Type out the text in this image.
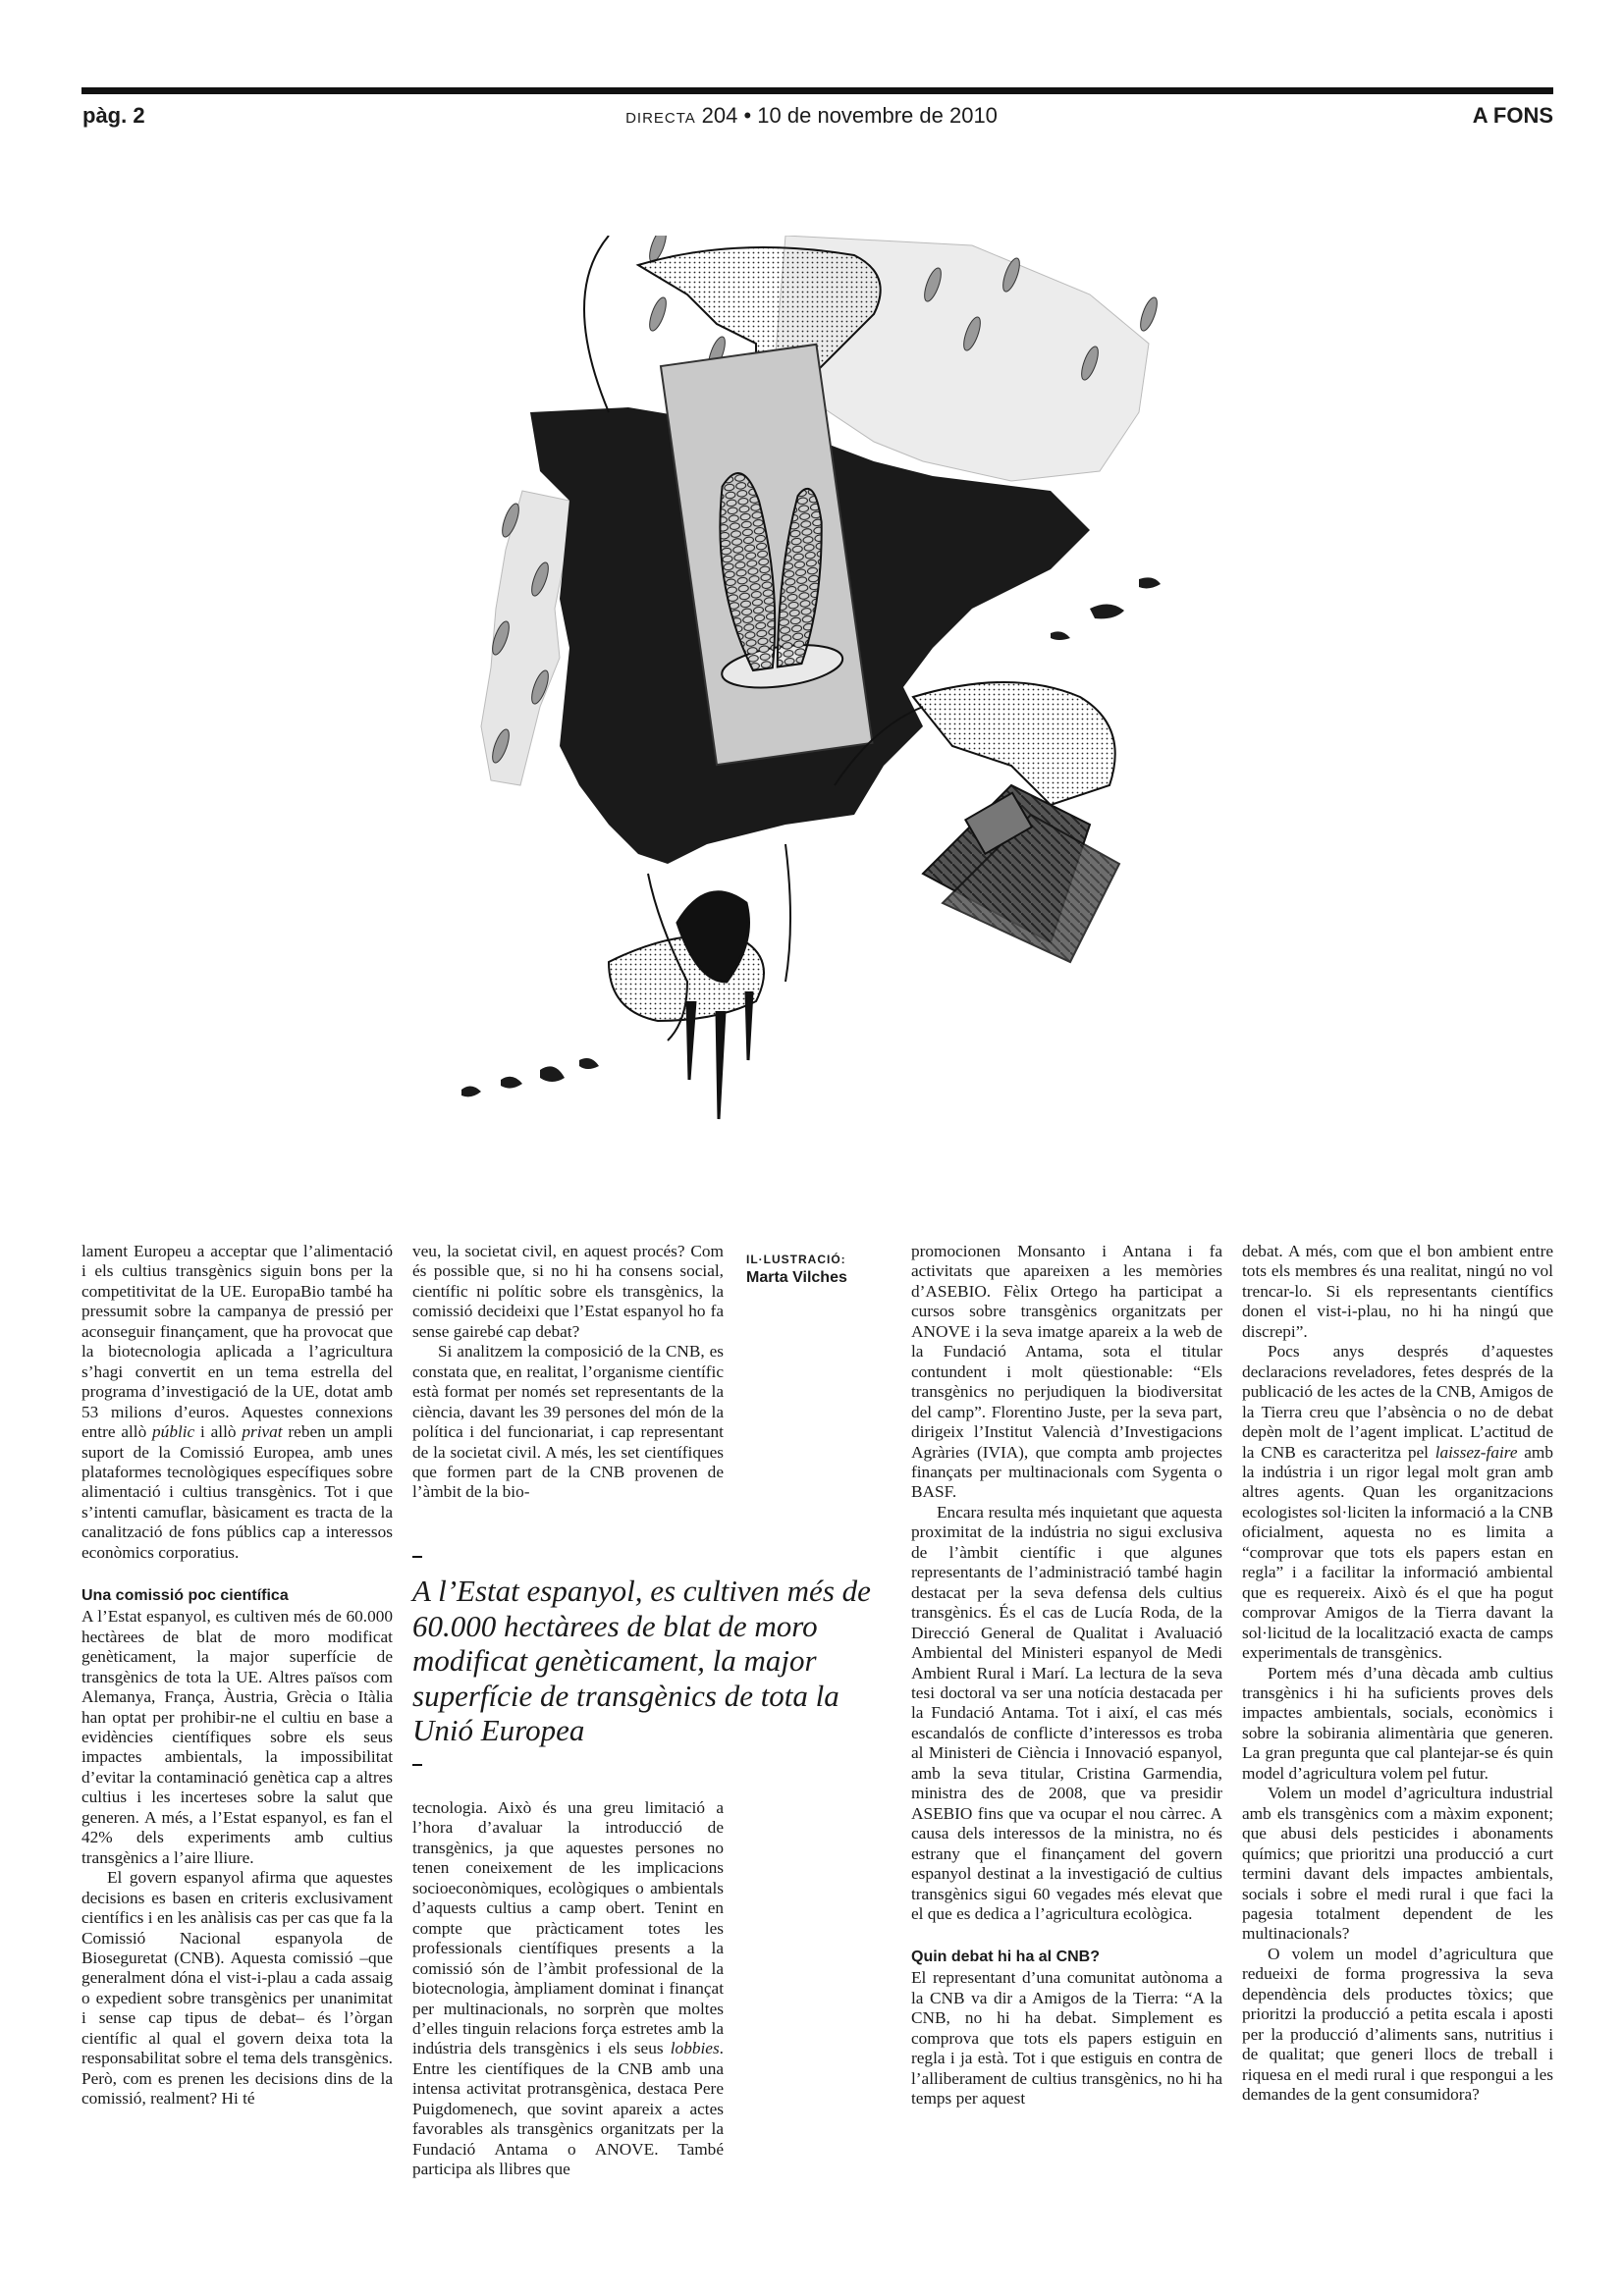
pàg. 2	DIRECTA 204 • 10 de novembre de 2010	A FONS
IL·LUSTRACIÓ:
Marta Vilches

lament Europeu a acceptar que l’alimentació i els cultius transgènics siguin bons per la competitivitat de la UE. EuropaBio també ha pressumit sobre la campanya de pressió per aconseguir finançament, que ha provocat que la biotecnologia aplicada a l’agricultura s’hagi convertit en un tema estrella del programa d’investigació de la UE, dotat amb 53 milions d’euros. Aquestes connexions entre allò públic i allò privat reben un ampli suport de la Comissió Europea, amb unes plataformes tecnològiques específiques sobre alimentació i cultius transgènics. Tot i que s’intenti camuflar, bàsicament es tracta de la canalització de fons públics cap a interessos econòmics corporatius.

Una comissió poc científica

A l’Estat espanyol, es cultiven més de 60.000 hectàrees de blat de moro modificat genèticament, la major superfície de transgènics de tota la UE. Altres països com Alemanya, França, Àustria, Grècia o Itàlia han optat per prohibir-ne el cultiu en base a evidències científiques sobre els seus impactes ambientals, la impossibilitat d’evitar la contaminació genètica cap a altres cultius i les incerteses sobre la salut que generen. A més, a l’Estat espanyol, es fan el 42% dels experiments amb cultius transgènics a l’aire lliure.

El govern espanyol afirma que aquestes decisions es basen en criteris exclusivament científics i en les anàlisis cas per cas que fa la Comissió Nacional espanyola de Bioseguretat (CNB). Aquesta comissió –que generalment dóna el vist-i-plau a cada assaig o expedient sobre transgènics per unanimitat i sense cap tipus de debat– és l’òrgan científic al qual el govern deixa tota la responsabilitat sobre el tema dels transgènics. Però, com es prenen les decisions dins de la comissió, realment? Hi té

veu, la societat civil, en aquest procés? Com és possible que, si no hi ha consens social, científic ni polític sobre els transgènics, la comissió decideixi que l’Estat espanyol ho fa sense gairebé cap debat?

Si analitzem la composició de la CNB, es constata que, en realitat, l’organisme científic està format per només set representants de la ciència, davant les 39 persones del món de la política i del funcionariat, i cap representant de la societat civil. A més, les set científiques que formen part de la CNB provenen de l’àmbit de la bio-

A l’Estat espanyol, es cultiven més de 60.000 hectàrees de blat de moro modificat genèticament, la major superfície de transgènics de tota la Unió Europea

tecnologia. Això és una greu limitació a l’hora d’avaluar la introducció de transgènics, ja que aquestes persones no tenen coneixement de les implicacions socioeconòmiques, ecològiques o ambientals d’aquests cultius a camp obert. Tenint en compte que pràcticament totes les professionals científiques presents a la comissió són de l’àmbit professional de la biotecnologia, àmpliament dominat i finançat per multinacionals, no sorprèn que moltes d’elles tinguin relacions força estretes amb la indústria dels transgènics i els seus lobbies. Entre les científiques de la CNB amb una intensa activitat protransgènica, destaca Pere Puigdomenech, que sovint apareix a actes favorables als transgènics organitzats per la Fundació Antama o ANOVE. També participa als llibres que

promocionen Monsanto i Antana i fa activitats que apareixen a les memòries d’ASEBIO. Fèlix Ortego ha participat a cursos sobre transgènics organitzats per ANOVE i la seva imatge apareix a la web de la Fundació Antama, sota el titular contundent i molt qüestionable: “Els transgènics no perjudiquen la biodiversitat del camp”. Florentino Juste, per la seva part, dirigeix l’Institut Valencià d’Investigacions Agràries (IVIA), que compta amb projectes finançats per multinacionals com Sygenta o BASF.

Encara resulta més inquietant que aquesta proximitat de la indústria no sigui exclusiva de l’àmbit científic i que algunes representants de l’administració també hagin destacat per la seva defensa dels cultius transgènics. És el cas de Lucía Roda, de la Direcció General de Qualitat i Avaluació Ambiental del Ministeri espanyol de Medi Ambient Rural i Marí. La lectura de la seva tesi doctoral va ser una notícia destacada per la Fundació Antama. Tot i així, el cas més escandalós de conflicte d’interessos es troba al Ministeri de Ciència i Innovació espanyol, amb la seva titular, Cristina Garmendia, ministra des de 2008, que va presidir ASEBIO fins que va ocupar el nou càrrec. A causa dels interessos de la ministra, no és estrany que el finançament del govern espanyol destinat a la investigació de cultius transgènics sigui 60 vegades més elevat que el que es dedica a l’agricultura ecològica.

Quin debat hi ha al CNB?

El representant d’una comunitat autònoma a la CNB va dir a Amigos de la Tierra: “A la CNB, no hi ha debat. Simplement es comprova que tots els papers estiguin en regla i ja està. Tot i que estiguis en contra de l’alliberament de cultius transgènics, no hi ha temps per aquest

debat. A més, com que el bon ambient entre tots els membres és una realitat, ningú no vol trencar-lo. Si els representants científics donen el vist-i-plau, no hi ha ningú que discrepi”.

Pocs anys després d’aquestes declaracions reveladores, fetes després de la publicació de les actes de la CNB, Amigos de la Tierra creu que l’absència o no de debat depèn molt de l’agent implicat. L’actitud de la CNB es caracteritza pel laissez-faire amb la indústria i un rigor legal molt gran amb altres agents. Quan les organitzacions ecologistes sol·liciten la informació a la CNB oficialment, aquesta no es limita a “comprovar que tots els papers estan en regla” i a facilitar la informació ambiental que es requereix. Això és el que ha pogut comprovar Amigos de la Tierra davant la sol·licitud de la localització exacta de camps experimentals de transgènics.

Portem més d’una dècada amb cultius transgènics i hi ha suficients proves dels impactes ambientals, socials, econòmics i sobre la sobirania alimentària que generen. La gran pregunta que cal plantejar-se és quin model d’agricultura volem pel futur.

Volem un model d’agricultura industrial amb els transgènics com a màxim exponent; que abusi dels pesticides i abonaments químics; que prioritzi una producció a curt termini davant dels impactes ambientals, socials i sobre el medi rural i que faci la pagesia totalment dependent de les multinacionals?

O volem un model d’agricultura que redueixi de forma progressiva la seva dependència dels productes tòxics; que prioritzi la producció a petita escala i aposti per la producció d’aliments sans, nutritius i de qualitat; que generi llocs de treball i riquesa en el medi rural i que respongui a les demandes de la gent consumidora?
